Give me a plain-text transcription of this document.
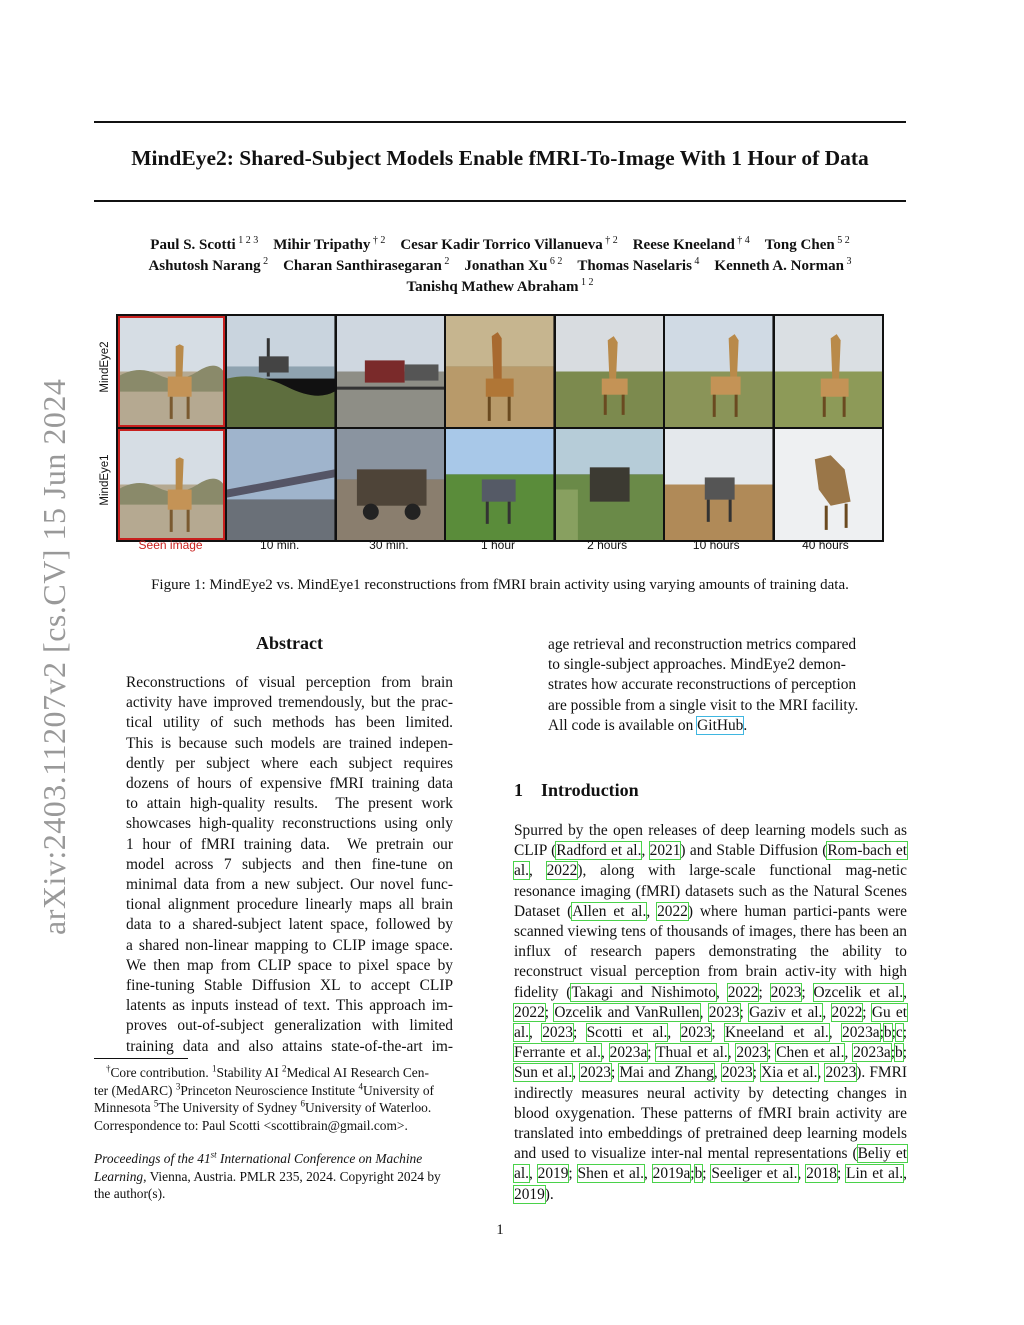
arXiv:2403.11207v2 [cs.CV] 15 Jun 2024
MindEye2: Shared-Subject Models Enable fMRI-To-Image With 1 Hour of Data
Paul S. Scotti $^{1 2 3}$  Mihir Tripathy $^{\dagger 2}$  Cesar Kadir Torrico Villanueva $^{\dagger 2}$  Reese Kneeland $^{\dagger 4}$  Tong Chen $^{5 2}$
Ashutosh Narang $^2$  Charan Santhirasegaran $^2$  Jonathan Xu $^{6 2}$  Thomas Naselaris $^4$  Kenneth A. Norman $^3$
Tanishq Mathew Abraham $^{1 2}$
MindEye2
MindEye1
Seen image	10 min.	30 min.	1 hour	2 hours	10 hours	40 hours
Figure 1: MindEye2 vs. MindEye1 reconstructions from fMRI brain activity using varying amounts of training data.
Abstract
Reconstructions of visual perception from brain
activity have improved tremendously, but the prac-
tical utility of such methods has been limited.
This is because such models are trained indepen-
dently per subject where each subject requires
dozens of hours of expensive fMRI training data
to attain high-quality results.  The present work
showcases high-quality reconstructions using only
1 hour of fMRI training data.  We pretrain our
model across 7 subjects and then fine-tune on
minimal data from a new subject. Our novel func-
tional alignment procedure linearly maps all brain
data to a shared-subject latent space, followed by
a shared non-linear mapping to CLIP image space.
We then map from CLIP space to pixel space by
fine-tuning Stable Diffusion XL to accept CLIP
latents as inputs instead of text. This approach im-
proves out-of-subject generalization with limited
training data and also attains state-of-the-art im-
age retrieval and reconstruction metrics compared
to single-subject approaches. MindEye2 demon-
strates how accurate reconstructions of perception
are possible from a single visit to the MRI facility.
All code is available on GitHub.
1 Introduction

Spurred by the open releases of deep learning models such as CLIP (Radford et al., 2021) and Stable Diffusion (Rom-bach et al., 2022), along with large-scale functional mag-netic resonance imaging (fMRI) datasets such as the Natural Scenes Dataset (Allen et al., 2022) where human partici-pants were scanned viewing tens of thousands of images, there has been an influx of research papers demonstrating the ability to reconstruct visual perception from brain activ-ity with high fidelity (Takagi and Nishimoto, 2022; 2023; Ozcelik et al., 2022; Ozcelik and VanRullen, 2023; Gaziv et al., 2022; Gu et al., 2023; Scotti et al., 2023; Kneeland et al., 2023a;b;c; Ferrante et al., 2023a; Thual et al., 2023; Chen et al., 2023a;b; Sun et al., 2023; Mai and Zhang, 2023; Xia et al., 2023). FMRI indirectly measures neural activity by detecting changes in blood oxygenation. These patterns of fMRI brain activity are translated into embeddings of pretrained deep learning models and used to visualize inter-nal mental representations (Beliy et al., 2019; Shen et al., 2019a;b; Seeliger et al., 2018; Lin et al., 2019).

†Core contribution. $^1$Stability AI $^2$Medical AI Research Cen-
ter (MedARC) $^3$Princeton Neuroscience Institute $^4$University of
Minnesota $^5$The University of Sydney $^6$University of Waterloo.
Correspondence to: Paul Scotti <scottibrain@gmail.com>.
Proceedings of the 41st International Conference on Machine
Learning, Vienna, Austria. PMLR 235, 2024. Copyright 2024 by
the author(s).
1
